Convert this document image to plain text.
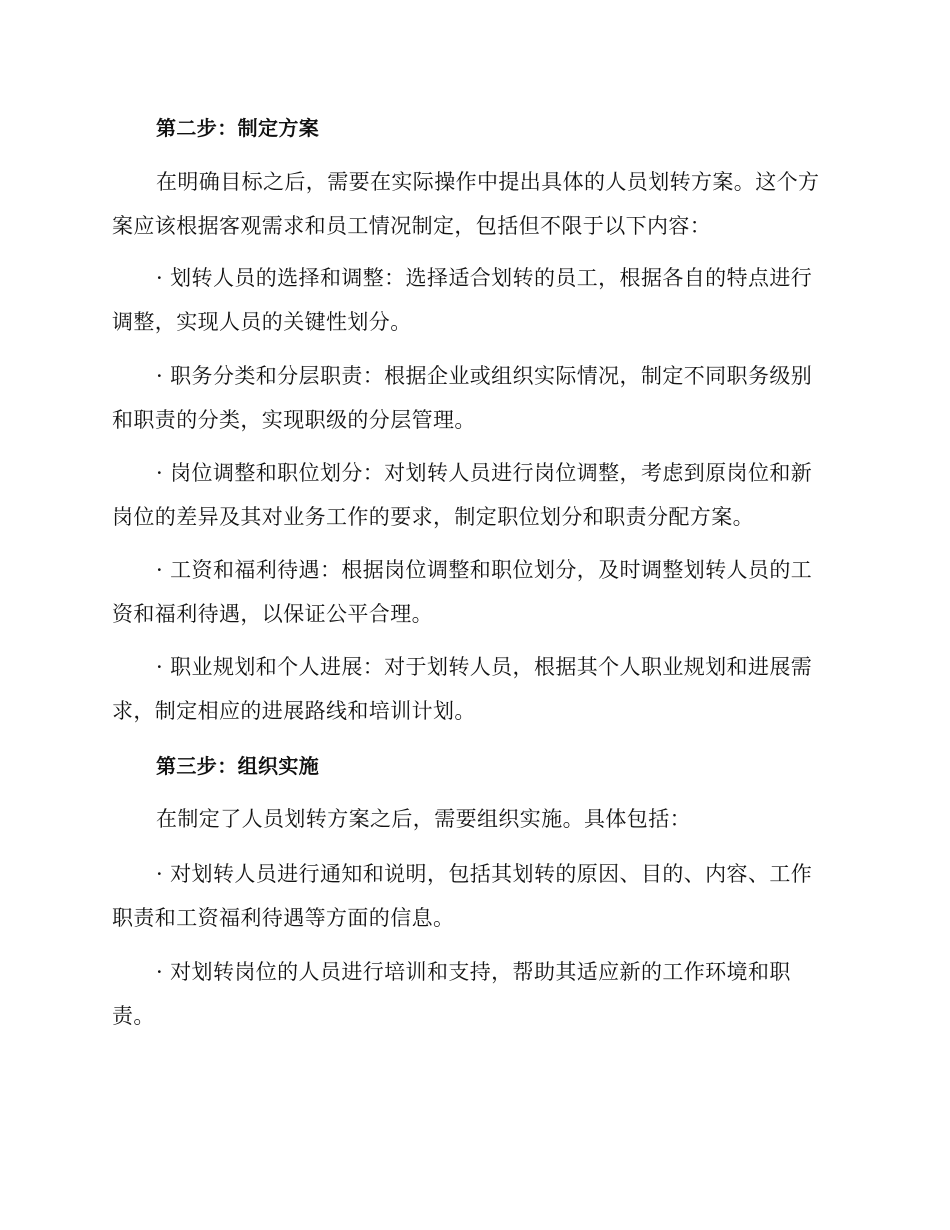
第二步：制定方案

在明确目标之后，需要在实际操作中提出具体的人员划转方案。这个方案应该根据客观需求和员工情况制定，包括但不限于以下内容：

· 划转人员的选择和调整：选择适合划转的员工，根据各自的特点进行调整，实现人员的关键性划分。

· 职务分类和分层职责：根据企业或组织实际情况，制定不同职务级别和职责的分类，实现职级的分层管理。

· 岗位调整和职位划分：对划转人员进行岗位调整，考虑到原岗位和新岗位的差异及其对业务工作的要求，制定职位划分和职责分配方案。

· 工资和福利待遇：根据岗位调整和职位划分，及时调整划转人员的工资和福利待遇，以保证公平合理。

· 职业规划和个人进展：对于划转人员，根据其个人职业规划和进展需求，制定相应的进展路线和培训计划。

第三步：组织实施

在制定了人员划转方案之后，需要组织实施。具体包括：

· 对划转人员进行通知和说明，包括其划转的原因、目的、内容、工作职责和工资福利待遇等方面的信息。

· 对划转岗位的人员进行培训和支持，帮助其适应新的工作环境和职责。
